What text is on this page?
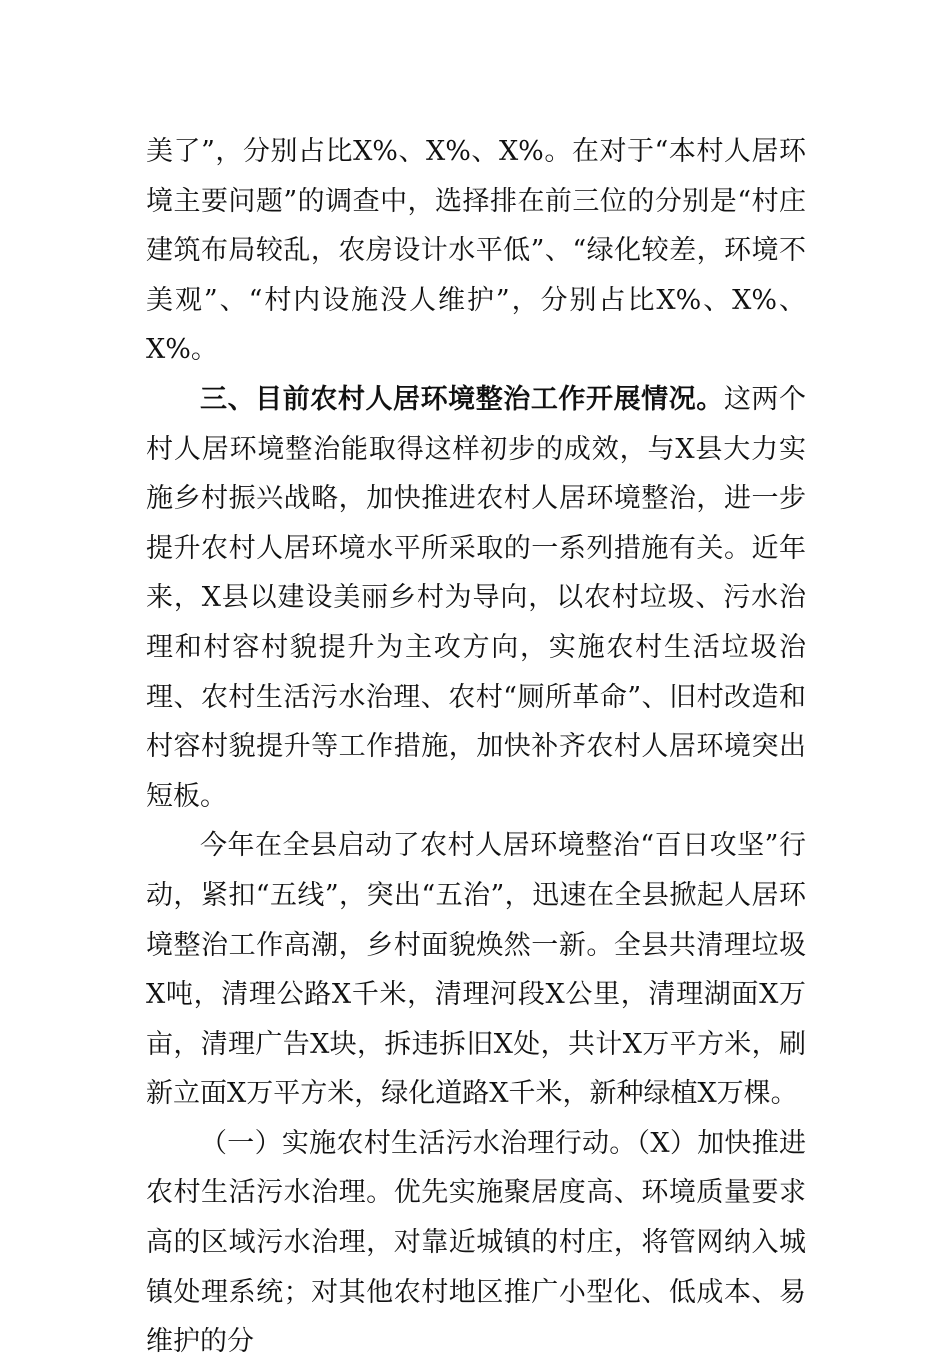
美了”，分别占比X%、X%、X%。在对于“本村人居环境主要问题”的调查中，选择排在前三位的分别是“村庄建筑布局较乱，农房设计水平低”、“绿化较差，环境不美观”、“村内设施没人维护”，分别占比X%、X%、X%。

三、目前农村人居环境整治工作开展情况。这两个村人居环境整治能取得这样初步的成效，与X县大力实施乡村振兴战略，加快推进农村人居环境整治，进一步提升农村人居环境水平所采取的一系列措施有关。近年来，X县以建设美丽乡村为导向，以农村垃圾、污水治理和村容村貌提升为主攻方向，实施农村生活垃圾治理、农村生活污水治理、农村“厕所革命”、旧村改造和村容村貌提升等工作措施，加快补齐农村人居环境突出短板。

今年在全县启动了农村人居环境整治“百日攻坚”行动，紧扣“五线”，突出“五治”，迅速在全县掀起人居环境整治工作高潮，乡村面貌焕然一新。全县共清理垃圾X吨，清理公路X千米，清理河段X公里，清理湖面X万亩，清理广告X块，拆违拆旧X处，共计X万平方米，刷新立面X万平方米，绿化道路X千米，新种绿植X万棵。

（一）实施农村生活污水治理行动。（X）加快推进农村生活污水治理。优先实施聚居度高、环境质量要求高的区域污水治理，对靠近城镇的村庄，将管网纳入城镇处理系统；对其他农村地区推广小型化、低成本、易维护的分
